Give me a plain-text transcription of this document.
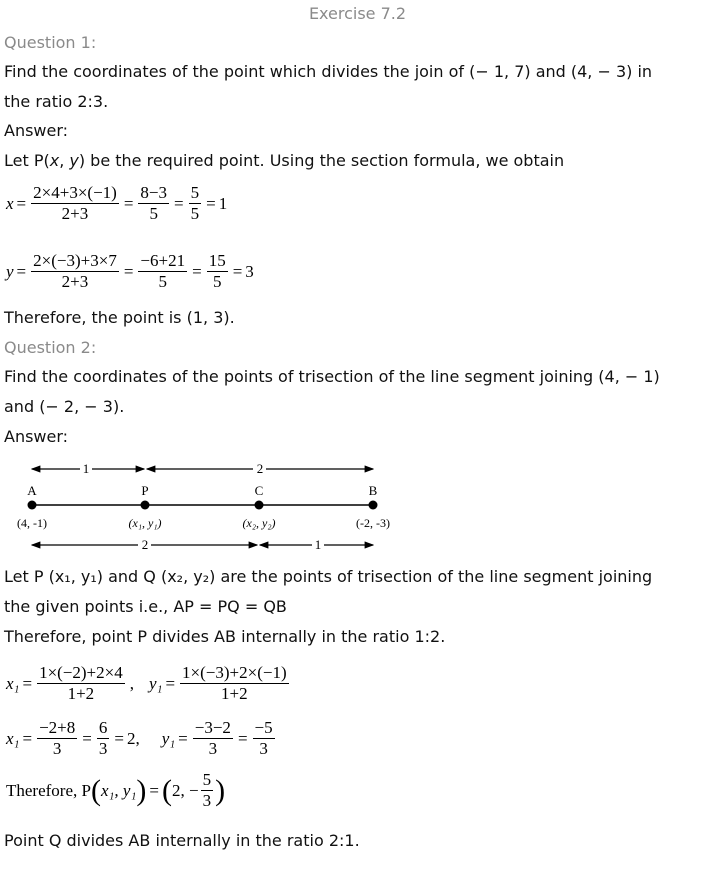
Exercise 7.2
Question 1:
Find the coordinates of the point which divides the join of (− 1, 7) and (4, − 3) in
the ratio 2:3.
Answer:
Let P(x, y) be the required point. Using the section formula, we obtain
$x = \frac{2\times 4+3\times(-1)}{2+3} = \frac{8-3}{5} = \frac{5}{5} = 1$
$y = \frac{2\times(-3)+3\times 7}{2+3} = \frac{-6+21}{5} = \frac{15}{5} = 3$
Therefore, the point is (1, 3).
Question 2:
Find the coordinates of the points of trisection of the line segment joining (4, − 1)
and (− 2, − 3).
Answer:
1	2
A	P	C	B
(4, -1)	(x₁, y₁)	(x₂, y₂)	(-2, -3)
2	1
Let P (x₁, y₁) and Q (x₂, y₂) are the points of trisection of the line segment joining
the given points i.e., AP = PQ = QB
Therefore, point P divides AB internally in the ratio 1:2.
$x_1 = \frac{1\times(-2)+2\times 4}{1+2}$ , $y_1 = \frac{1\times(-3)+2\times(-1)}{1+2}$
$x_1 = \frac{-2+8}{3} = \frac{6}{3} = 2$, $y_1 = \frac{-3-2}{3} = \frac{-5}{3}$
Therefore, P ( x₁, y₁ ) = ( 2, − $\frac{5}{3}$ )
Point Q divides AB internally in the ratio 2:1.
